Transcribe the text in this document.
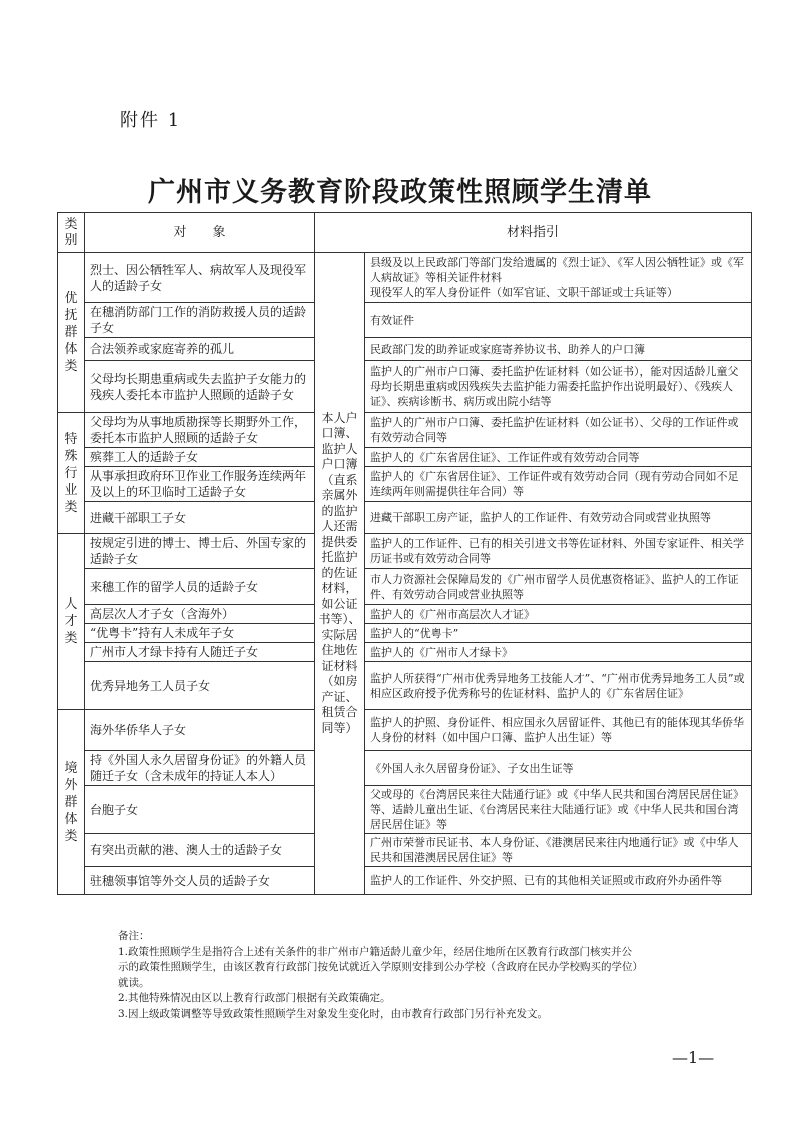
附件 1
广州市义务教育阶段政策性照顾学生清单
类别	对　　象	材料指引	
优抚群体类	烈士、因公牺牲军人、病故军人及现役军人的适龄子女	本人户口簿、监护人户口簿（直系亲属外的监护人还需提供委托监护的佐证材料，如公证书等）、实际居住地佐证材料（如房产证、租赁合同等）	县级及以上民政部门等部门发给遗属的《烈士证》、《军人因公牺牲证》或《军人病故证》等相关证件材料
现役军人的军人身份证件（如军官证、文职干部证或士兵证等）
	在穗消防部门工作的消防救援人员的适龄子女		有效证件
	合法领养或家庭寄养的孤儿		民政部门发的助养证或家庭寄养协议书、助养人的户口簿
	父母均长期患重病或失去监护子女能力的残疾人委托本市监护人照顾的适龄子女		监护人的广州市户口簿、委托监护佐证材料（如公证书），能对因适龄儿童父母均长期患重病或因残疾失去监护能力需委托监护作出说明最好）、《残疾人证》、疾病诊断书、病历或出院小结等
特殊行业类	父母均为从事地质勘探等长期野外工作，委托本市监护人照顾的适龄子女		监护人的广州市户口簿、委托监护佐证材料（如公证书）、父母的工作证件或有效劳动合同等
	殡葬工人的适龄子女		监护人的《广东省居住证》、工作证件或有效劳动合同等
	从事承担政府环卫作业工作服务连续两年及以上的环卫临时工适龄子女		监护人的《广东省居住证》、工作证件或有效劳动合同（现有劳动合同如不足连续两年则需提供往年合同）等
	进藏干部职工子女		进藏干部职工房产证，监护人的工作证件、有效劳动合同或营业执照等
人才类	按规定引进的博士、博士后、外国专家的适龄子女		监护人的工作证件、已有的相关引进文书等佐证材料、外国专家证件、相关学历证书或有效劳动合同等
	来穗工作的留学人员的适龄子女		市人力资源社会保障局发的《广州市留学人员优惠资格证》、监护人的工作证件、有效劳动合同或营业执照等
	高层次人才子女（含海外）		监护人的《广州市高层次人才证》
	“优粤卡”持有人未成年子女		监护人的“优粤卡”
	广州市人才绿卡持有人随迁子女		监护人的《广州市人才绿卡》
	优秀异地务工人员子女		监护人所获得“广州市优秀异地务工技能人才”、“广州市优秀异地务工人员”或相应区政府授予优秀称号的佐证材料、监护人的《广东省居住证》
境外群体类	海外华侨华人子女		监护人的护照、身份证件、相应国永久居留证件、其他已有的能体现其华侨华人身份的材料（如中国户口簿、监护人出生证）等
	持《外国人永久居留身份证》的外籍人员随迁子女（含未成年的持证人本人）		《外国人永久居留身份证》、子女出生证等
	台胞子女		父或母的《台湾居民来往大陆通行证》或《中华人民共和国台湾居民居住证》等、适龄儿童出生证、《台湾居民来往大陆通行证》或《中华人民共和国台湾居民居住证》等
	有突出贡献的港、澳人士的适龄子女		广州市荣誉市民证书、本人身份证、《港澳居民来往内地通行证》或《中华人民共和国港澳居民居住证》等
	驻穗领事馆等外交人员的适龄子女		监护人的工作证件、外交护照、已有的其他相关证照或市政府外办函件等
备注：
1.政策性照顾学生是指符合上述有关条件的非广州市户籍适龄儿童少年，经居住地所在区教育行政部门核实并公示的政策性照顾学生，由该区教育行政部门按免试就近入学原则安排到公办学校（含政府在民办学校购买的学位）就读。
2.其他特殊情况由区以上教育行政部门根据有关政策确定。
3.因上级政策调整等导致政策性照顾学生对象发生变化时，由市教育行政部门另行补充发文。
—1—
